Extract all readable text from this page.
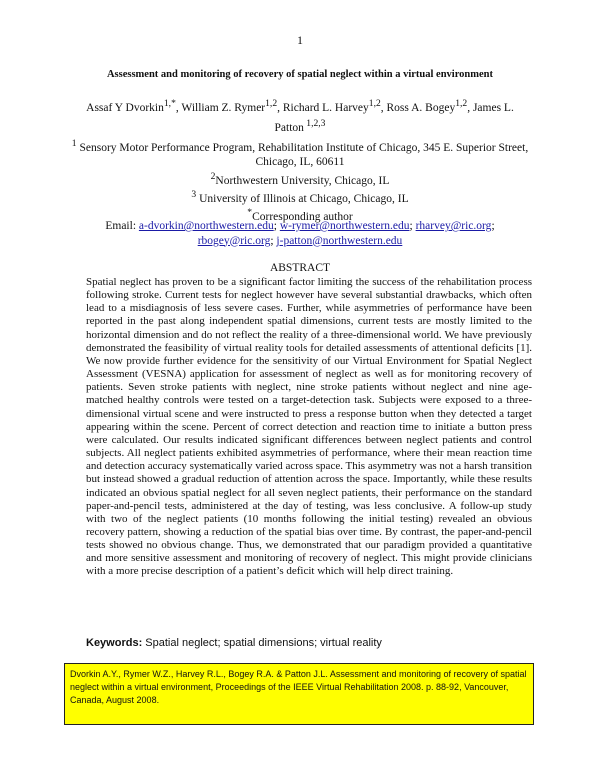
1
Assessment and monitoring of recovery of spatial neglect within a virtual environment
Assaf Y Dvorkin$^{1,*}$, William Z. Rymer$^{1,2}$, Richard L. Harvey$^{1,2}$, Ross A. Bogey$^{1,2}$, James L. Patton $^{1,2,3}$
$^1$ Sensory Motor Performance Program, Rehabilitation Institute of Chicago, 345 E. Superior Street, Chicago, IL, 60611
$^2$Northwestern University, Chicago, IL
$^3$ University of Illinois at Chicago, Chicago, IL
*Corresponding author
Email: a-dvorkin@northwestern.edu; w-rymer@northwestern.edu; rharvey@ric.org;
rbogey@ric.org; j-patton@northwestern.edu
ABSTRACT
Spatial neglect has proven to be a significant factor limiting the success of the rehabilitation process following stroke. Current tests for neglect however have several substantial drawbacks, which often lead to a misdiagnosis of less severe cases. Further, while asymmetries of performance have been reported in the past along independent spatial dimensions, current tests are mostly limited to the horizontal dimension and do not reflect the reality of a three-dimensional world. We have previously demonstrated the feasibility of virtual reality tools for detailed assessments of attentional deficits [1]. We now provide further evidence for the sensitivity of our Virtual Environment for Spatial Neglect Assessment (VESNA) application for assessment of neglect as well as for monitoring recovery of patients. Seven stroke patients with neglect, nine stroke patients without neglect and nine age-matched healthy controls were tested on a target-detection task. Subjects were exposed to a three-dimensional virtual scene and were instructed to press a response button when they detected a target appearing within the scene. Percent of correct detection and reaction time to initiate a button press were calculated. Our results indicated significant differences between neglect patients and control subjects. All neglect patients exhibited asymmetries of performance, where their mean reaction time and detection accuracy systematically varied across space. This asymmetry was not a harsh transition but instead showed a gradual reduction of attention across the space. Importantly, while these results indicated an obvious spatial neglect for all seven neglect patients, their performance on the standard paper-and-pencil tests, administered at the day of testing, was less conclusive. A follow-up study with two of the neglect patients (10 months following the initial testing) revealed an obvious recovery pattern, showing a reduction of the spatial bias over time. By contrast, the paper-and-pencil tests showed no obvious change. Thus, we demonstrated that our paradigm provided a quantitative and more sensitive assessment and monitoring of recovery of neglect. This might provide clinicians with a more precise description of a patient’s deficit which will help direct training.
Keywords: Spatial neglect; spatial dimensions; virtual reality
Dvorkin A.Y., Rymer W.Z., Harvey R.L., Bogey R.A. & Patton J.L. Assessment and monitoring of recovery of spatial neglect within a virtual environment, Proceedings of the IEEE Virtual Rehabilitation 2008. p. 88-92, Vancouver, Canada, August 2008.
